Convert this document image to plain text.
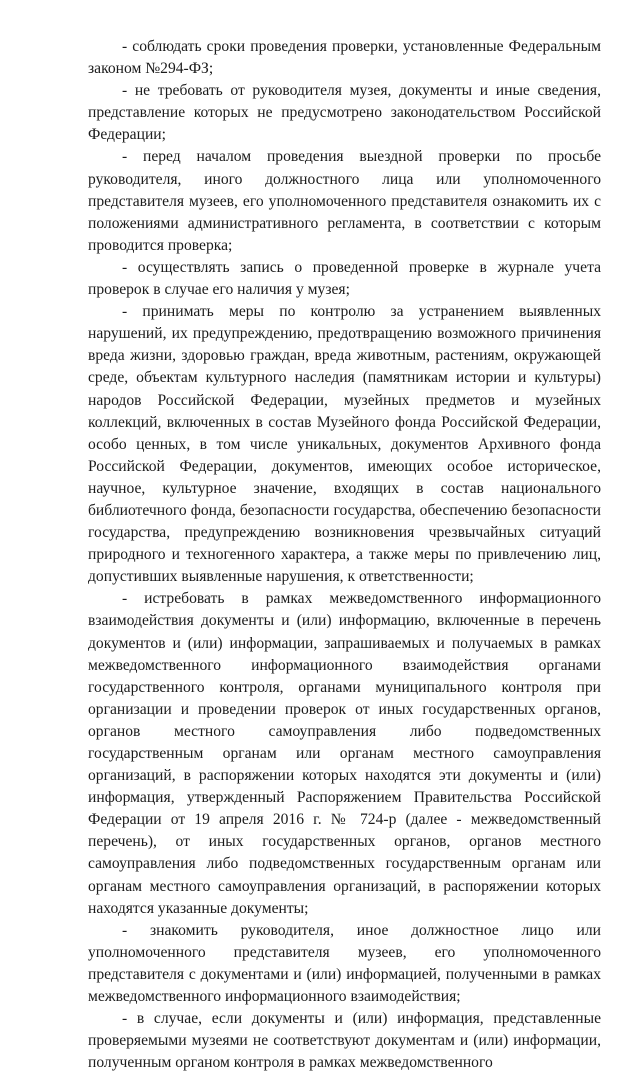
- соблюдать сроки проведения проверки, установленные Федеральным законом №294-ФЗ;

- не требовать от руководителя музея, документы и иные сведения, представление которых не предусмотрено законодательством Российской Федерации;

- перед началом проведения выездной проверки по просьбе руководителя, иного должностного лица или уполномоченного представителя музеев, его уполномоченного представителя ознакомить их с положениями административного регламента, в соответствии с которым проводится проверка;

- осуществлять запись о проведенной проверке в журнале учета проверок в случае его наличия у музея;

- принимать меры по контролю за устранением выявленных нарушений, их предупреждению, предотвращению возможного причинения вреда жизни, здоровью граждан, вреда животным, растениям, окружающей среде, объектам культурного наследия (памятникам истории и культуры) народов Российской Федерации, музейных предметов и музейных коллекций, включенных в состав Музейного фонда Российской Федерации, особо ценных, в том числе уникальных, документов Архивного фонда Российской Федерации, документов, имеющих особое историческое, научное, культурное значение, входящих в состав национального библиотечного фонда, безопасности государства, обеспечению безопасности государства, предупреждению возникновения чрезвычайных ситуаций природного и техногенного характера, а также меры по привлечению лиц, допустивших выявленные нарушения, к ответственности;

- истребовать в рамках межведомственного информационного взаимодействия документы и (или) информацию, включенные в перечень документов и (или) информации, запрашиваемых и получаемых в рамках межведомственного информационного взаимодействия органами государственного контроля, органами муниципального контроля при организации и проведении проверок от иных государственных органов, органов местного самоуправления либо подведомственных государственным органам или органам местного самоуправления организаций, в распоряжении которых находятся эти документы и (или) информация, утвержденный Распоряжением Правительства Российской Федерации от 19 апреля 2016 г. № 724-р (далее - межведомственный перечень), от иных государственных органов, органов местного самоуправления либо подведомственных государственным органам или органам местного самоуправления организаций, в распоряжении которых находятся указанные документы;

- знакомить руководителя, иное должностное лицо или уполномоченного представителя музеев, его уполномоченного представителя с документами и (или) информацией, полученными в рамках межведомственного информационного взаимодействия;

- в случае, если документы и (или) информация, представленные проверяемыми музеями не соответствуют документам и (или) информации, полученным органом контроля в рамках межведомственного
